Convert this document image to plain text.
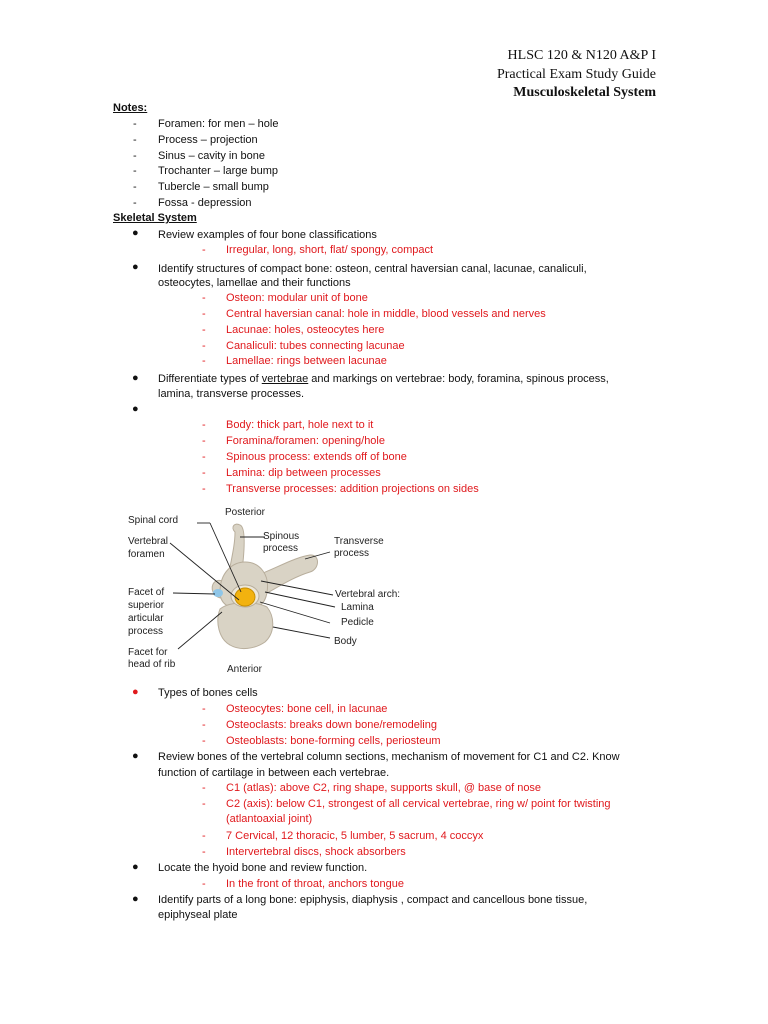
HLSC 120 & N120 A&P I
Practical Exam Study Guide
Musculoskeletal System
Notes:
- Foramen: for men – hole
- Process – projection
- Sinus – cavity in bone
- Trochanter – large bump
- Tubercle – small bump
- Fossa - depression
Skeletal System
● Review examples of four bone classifications
- Irregular, long, short, flat/ spongy, compact
● Identify structures of compact bone: osteon, central haversian canal, lacunae, canaliculi,
osteocytes, lamellae and their functions
- Osteon: modular unit of bone
- Central haversian canal: hole in middle, blood vessels and nerves
- Lacunae: holes, osteocytes here
- Canaliculi: tubes connecting lacunae
- Lamellae: rings between lacunae
● Differentiate types of vertebrae and markings on vertebrae: body, foramina, spinous process,
lamina, transverse processes.
●
- Body: thick part, hole next to it
- Foramina/foramen: opening/hole
- Spinous process: extends off of bone
- Lamina: dip between processes
- Transverse processes: addition projections on sides
Posterior
Spinal cord
Vertebral
foramen
Spinous
process
Transverse
process
Facet of
superior
articular
process
Vertebral arch:
Lamina
Pedicle
Body
Facet for
head of rib	Anterior
● Types of bones cells
- Osteocytes: bone cell, in lacunae
- Osteoclasts: breaks down bone/remodeling
- Osteoblasts: bone-forming cells, periosteum
● Review bones of the vertebral column sections, mechanism of movement for C1 and C2. Know
function of cartilage in between each vertebrae.
- C1 (atlas): above C2, ring shape, supports skull, @ base of nose
- C2 (axis): below C1, strongest of all cervical vertebrae, ring w/ point for twisting
(atlantoaxial joint)
- 7 Cervical, 12 thoracic, 5 lumber, 5 sacrum, 4 coccyx
- Intervertebral discs, shock absorbers
● Locate the hyoid bone and review function.
- In the front of throat, anchors tongue
● Identify parts of a long bone: epiphysis, diaphysis , compact and cancellous bone tissue,
epiphyseal plate
